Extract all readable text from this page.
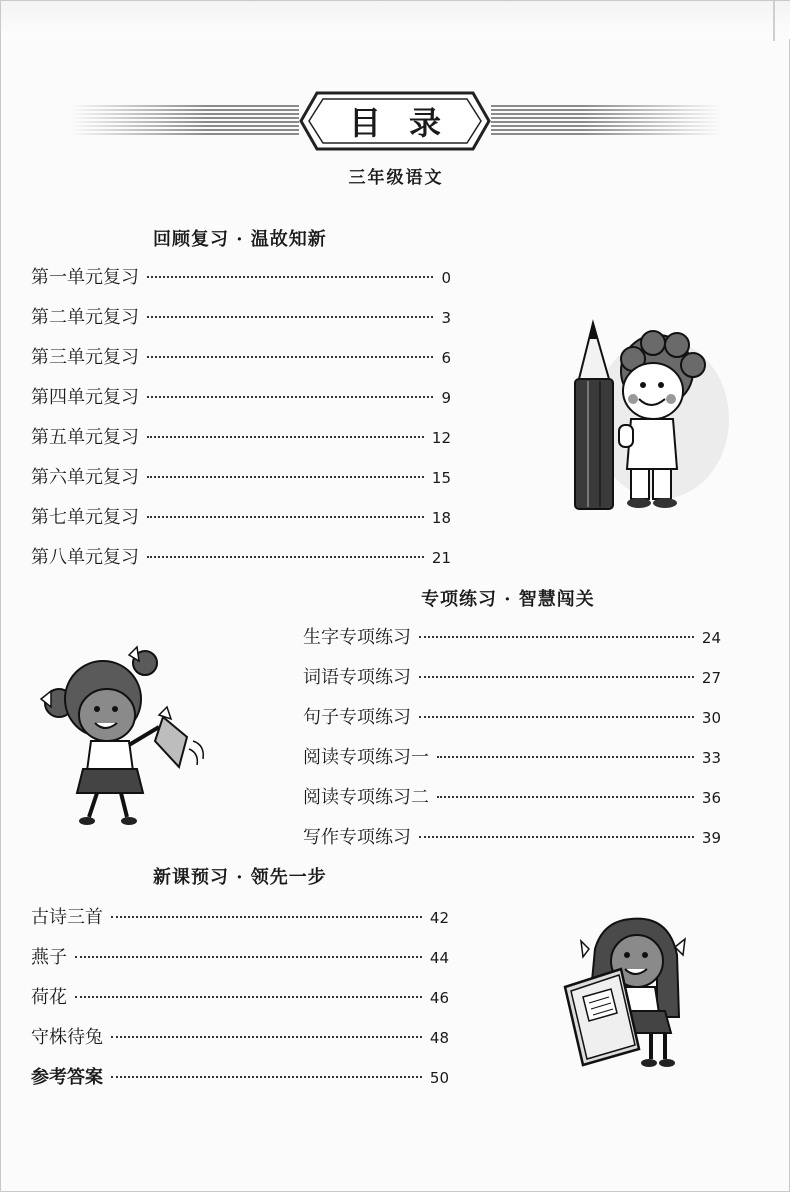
目录
三年级语文
回顾复习 · 温故知新
第一单元复习	0
第二单元复习	3
第三单元复习	6
第四单元复习	9
第五单元复习	12
第六单元复习	15
第七单元复习	18
第八单元复习	21
专项练习 · 智慧闯关
生字专项练习	24
词语专项练习	27
句子专项练习	30
阅读专项练习一	33
阅读专项练习二	36
写作专项练习	39
新课预习 · 领先一步
古诗三首	42
燕子	44
荷花	46
守株待兔	48
参考答案	50
